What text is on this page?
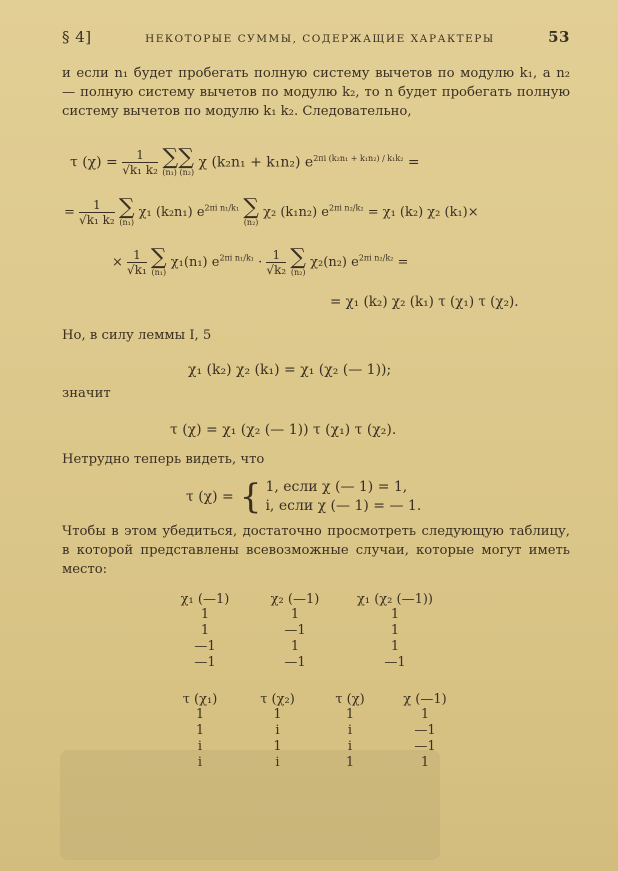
§ 4]	НЕКОТОРЫЕ СУММЫ, СОДЕРЖАЩИЕ ХАРАКТЕРЫ	53
и если n₁ будет пробегать полную систему вычетов по модулю k₁, а n₂ — полную систему вычетов по модулю k₂, то n будет пробегать полную систему вычетов по модулю k₁ k₂. Следовательно,
τ $(\chi) = \frac{1}{\text{√k₁ k₂}}$ ∑∑
(n₁) (n₂)
χ (k₂n₁ + k₁n₂) $e^{2\pi i (k_2n_1 + k_1n_2) / k_1k_2}$ =
= $\frac{1}{\text{√k₁ k₂}}$ ∑
(n₁)
χ₁ (k₂n₁) $e^{2\pi i n_1/k_1}$ ∑
(n₂)
χ₂ (k₁n₂) $e^{2\pi i n_2/k_2} = \chi_1$ (k₂) χ₂ (k₁)×
× $\frac{1}{\text{√k₁}}$ ∑
(n₁)
χ₁(n₁) $e^{2\pi i n_1/k_1} \cdot \frac{1}{\text{√k₂}}$ ∑
(n₂)
χ₂(n₂) $e^{2\pi i n_2/k_2}$ =
= χ₁ (k₂) χ₂ (k₁) τ (χ₁) τ (χ₂).
Но, в силу леммы I, 5
χ₁ (k₂) χ₂ (k₁) = χ₁ (χ₂ (— 1));
значит
τ (χ) = χ₁ (χ₂ (— 1)) τ (χ₁) τ (χ₂).
Нетрудно теперь видеть, что
τ (χ) = { 1, если χ (— 1) = 1,
i, если χ (— 1) = — 1.
Чтобы в этом убедиться, достаточно просмотреть следующую таблицу, в которой представлены всевозможные случаи, которые могут иметь место:
χ₁ (—1)	χ₂ (—1)	χ₁ (χ₂ (—1))
1	1	1
1	—1	1
—1	1	1
—1	—1	—1
τ (χ₁)	τ (χ₂)	τ (χ)	χ (—1)
1	1	1	1
1	i	i	—1
i	1	i	—1
i	i	1	1
